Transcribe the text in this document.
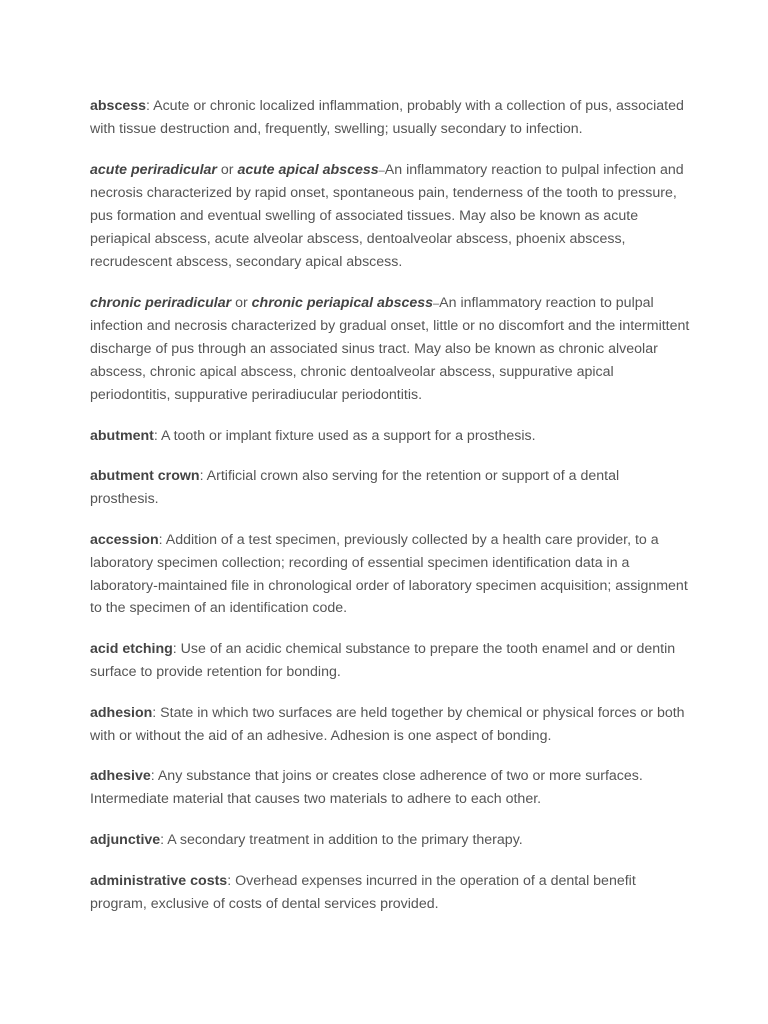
abscess: Acute or chronic localized inflammation, probably with a collection of pus, associated with tissue destruction and, frequently, swelling; usually secondary to infection.

acute periradicular or acute apical abscess–An inflammatory reaction to pulpal infection and necrosis characterized by rapid onset, spontaneous pain, tenderness of the tooth to pressure, pus formation and eventual swelling of associated tissues. May also be known as acute periapical abscess, acute alveolar abscess, dentoalveolar abscess, phoenix abscess, recrudescent abscess, secondary apical abscess.

chronic periradicular or chronic periapical abscess–An inflammatory reaction to pulpal infection and necrosis characterized by gradual onset, little or no discomfort and the intermittent discharge of pus through an associated sinus tract. May also be known as chronic alveolar abscess, chronic apical abscess, chronic dentoalveolar abscess, suppurative apical periodontitis, suppurative periradiucular periodontitis.

abutment: A tooth or implant fixture used as a support for a prosthesis.

abutment crown: Artificial crown also serving for the retention or support of a dental prosthesis.

accession: Addition of a test specimen, previously collected by a health care provider, to a laboratory specimen collection; recording of essential specimen identification data in a laboratory-maintained file in chronological order of laboratory specimen acquisition; assignment to the specimen of an identification code.

acid etching: Use of an acidic chemical substance to prepare the tooth enamel and or dentin surface to provide retention for bonding.

adhesion: State in which two surfaces are held together by chemical or physical forces or both with or without the aid of an adhesive. Adhesion is one aspect of bonding.

adhesive: Any substance that joins or creates close adherence of two or more surfaces. Intermediate material that causes two materials to adhere to each other.

adjunctive: A secondary treatment in addition to the primary therapy.

administrative costs: Overhead expenses incurred in the operation of a dental benefit program, exclusive of costs of dental services provided.
